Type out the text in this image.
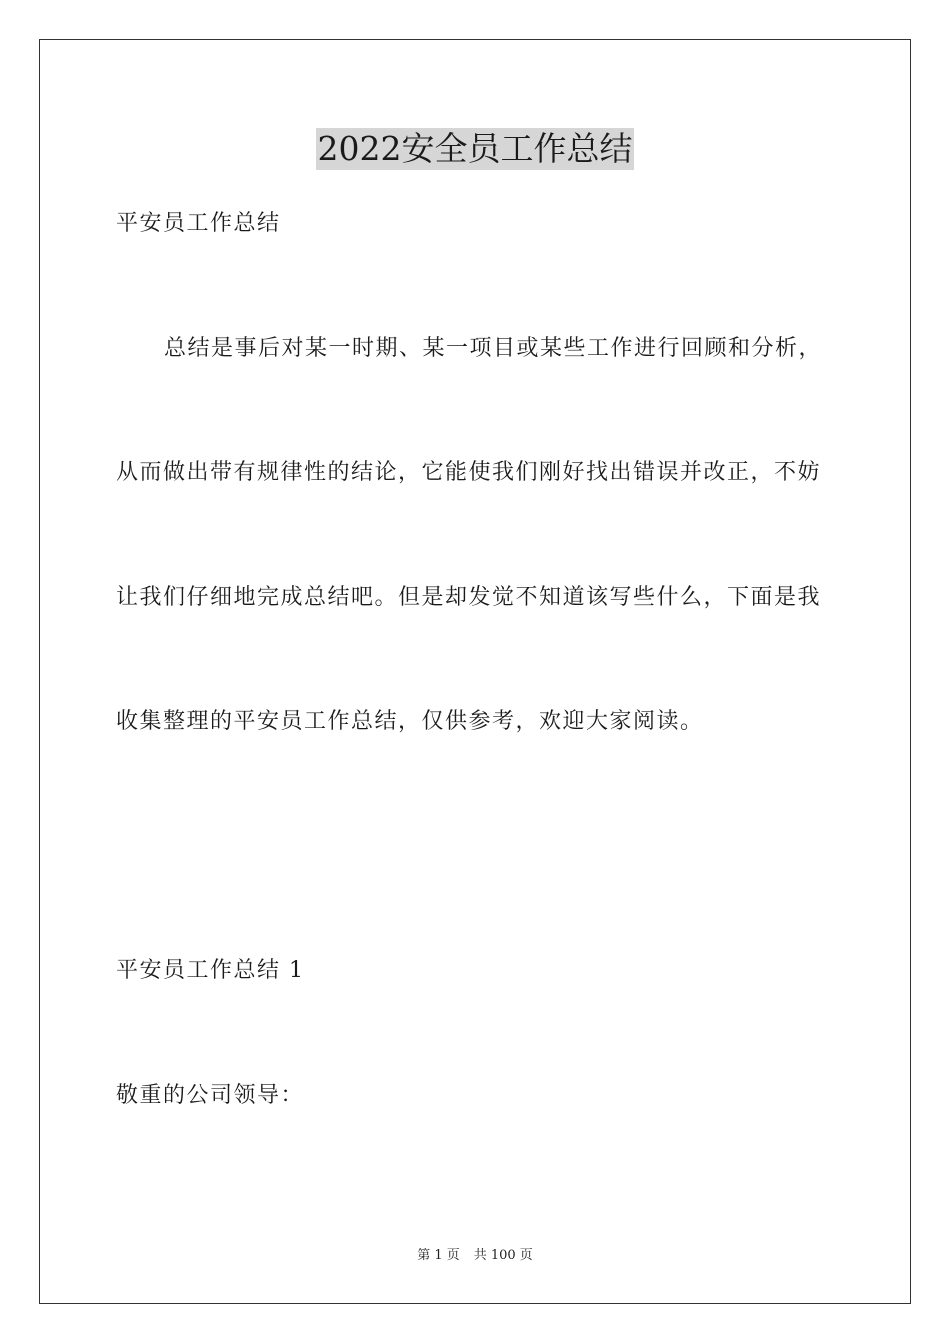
2022安全员工作总结

平安员工作总结

总结是事后对某一时期、某一项目或某些工作进行回顾和分析，

从而做出带有规律性的结论，它能使我们刚好找出错误并改正，不妨

让我们仔细地完成总结吧。但是却发觉不知道该写些什么，下面是我

收集整理的平安员工作总结，仅供参考，欢迎大家阅读。

平安员工作总结 1

敬重的公司领导：

第 1 页 共 100 页
